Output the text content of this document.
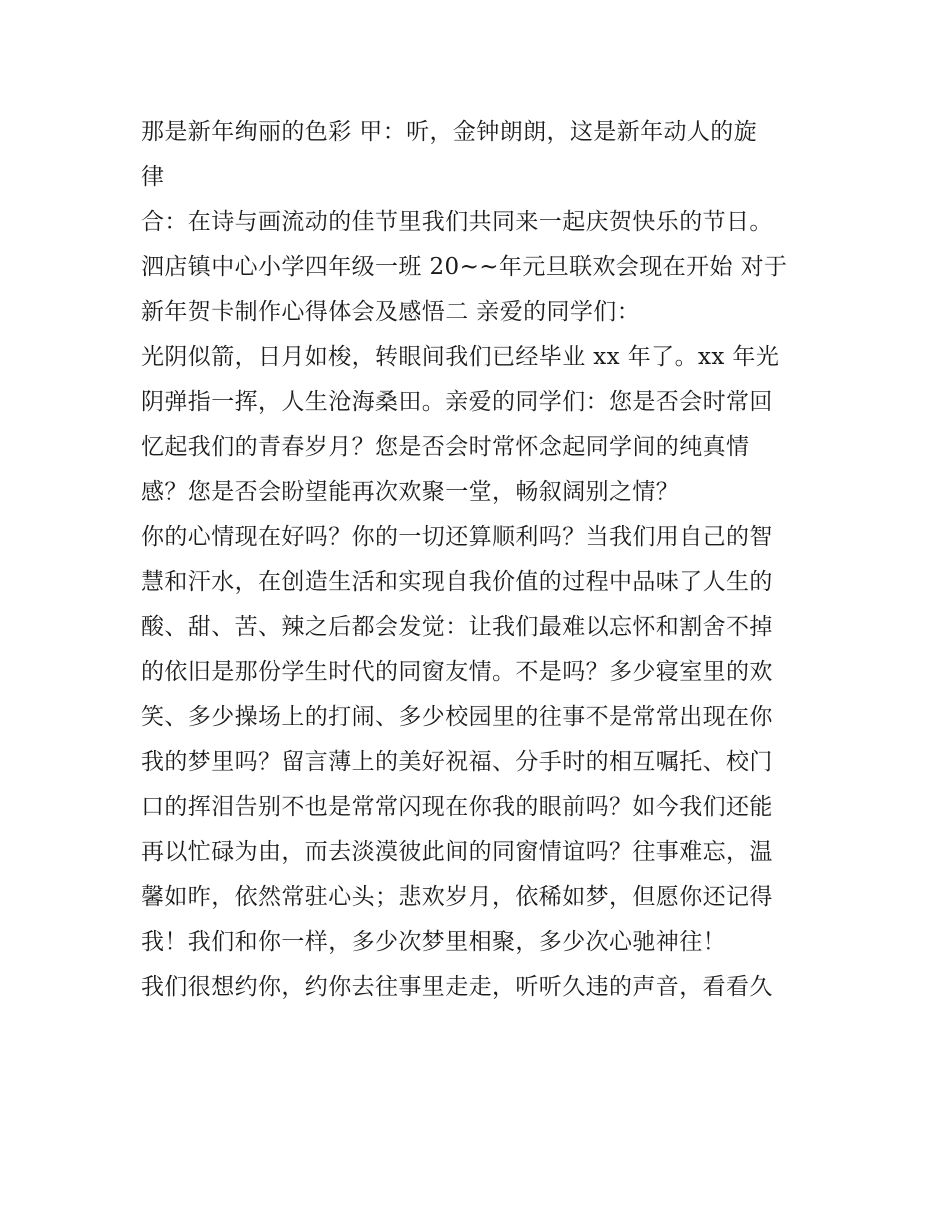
那是新年绚丽的色彩 甲：听，金钟朗朗，这是新年动人的旋
律
合：在诗与画流动的佳节里我们共同来一起庆贺快乐的节日。
泗店镇中心小学四年级一班 20~~年元旦联欢会现在开始 对于
新年贺卡制作心得体会及感悟二 亲爱的同学们：
光阴似箭，日月如梭，转眼间我们已经毕业 xx 年了。xx 年光
阴弹指一挥，人生沧海桑田。亲爱的同学们：您是否会时常回
忆起我们的青春岁月？您是否会时常怀念起同学间的纯真情
感？您是否会盼望能再次欢聚一堂，畅叙阔别之情？
你的心情现在好吗？你的一切还算顺利吗？当我们用自己的智
慧和汗水，在创造生活和实现自我价值的过程中品味了人生的
酸、甜、苦、辣之后都会发觉：让我们最难以忘怀和割舍不掉
的依旧是那份学生时代的同窗友情。不是吗？多少寝室里的欢
笑、多少操场上的打闹、多少校园里的往事不是常常出现在你
我的梦里吗？留言薄上的美好祝福、分手时的相互嘱托、校门
口的挥泪告别不也是常常闪现在你我的眼前吗？如今我们还能
再以忙碌为由，而去淡漠彼此间的同窗情谊吗？往事难忘，温
馨如昨，依然常驻心头；悲欢岁月，依稀如梦，但愿你还记得
我！我们和你一样，多少次梦里相聚，多少次心驰神往！
我们很想约你，约你去往事里走走，听听久违的声音，看看久
